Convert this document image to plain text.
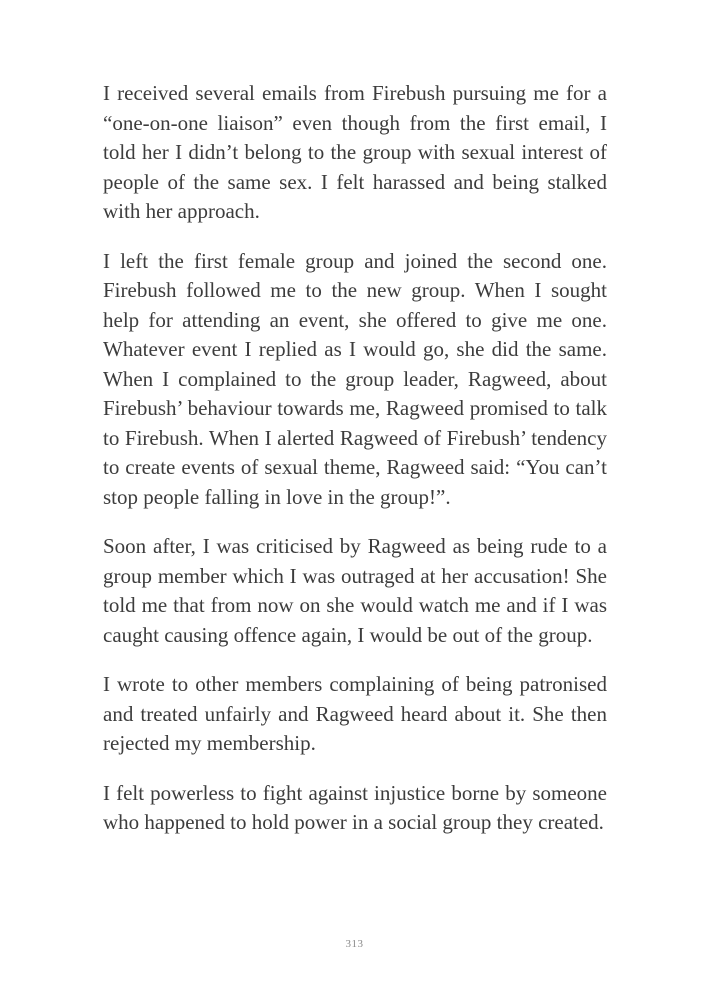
I received several emails from Firebush pursuing me for a “one-on-one liaison” even though from the first email, I told her I didn’t belong to the group with sexual interest of people of the same sex. I felt harassed and being stalked with her approach.

I left the first female group and joined the second one. Firebush followed me to the new group. When I sought help for attending an event, she offered to give me one. Whatever event I replied as I would go, she did the same. When I complained to the group leader, Ragweed, about Firebush’ behaviour towards me, Ragweed promised to talk to Firebush. When I alerted Ragweed of Firebush’ tendency to create events of sexual theme, Ragweed said: “You can’t stop people falling in love in the group!”.

Soon after, I was criticised by Ragweed as being rude to a group member which I was outraged at her accusation! She told me that from now on she would watch me and if I was caught causing offence again, I would be out of the group.

I wrote to other members complaining of being patronised and treated unfairly and Ragweed heard about it. She then rejected my membership.

I felt powerless to fight against injustice borne by someone who happened to hold power in a social group they created.

313
